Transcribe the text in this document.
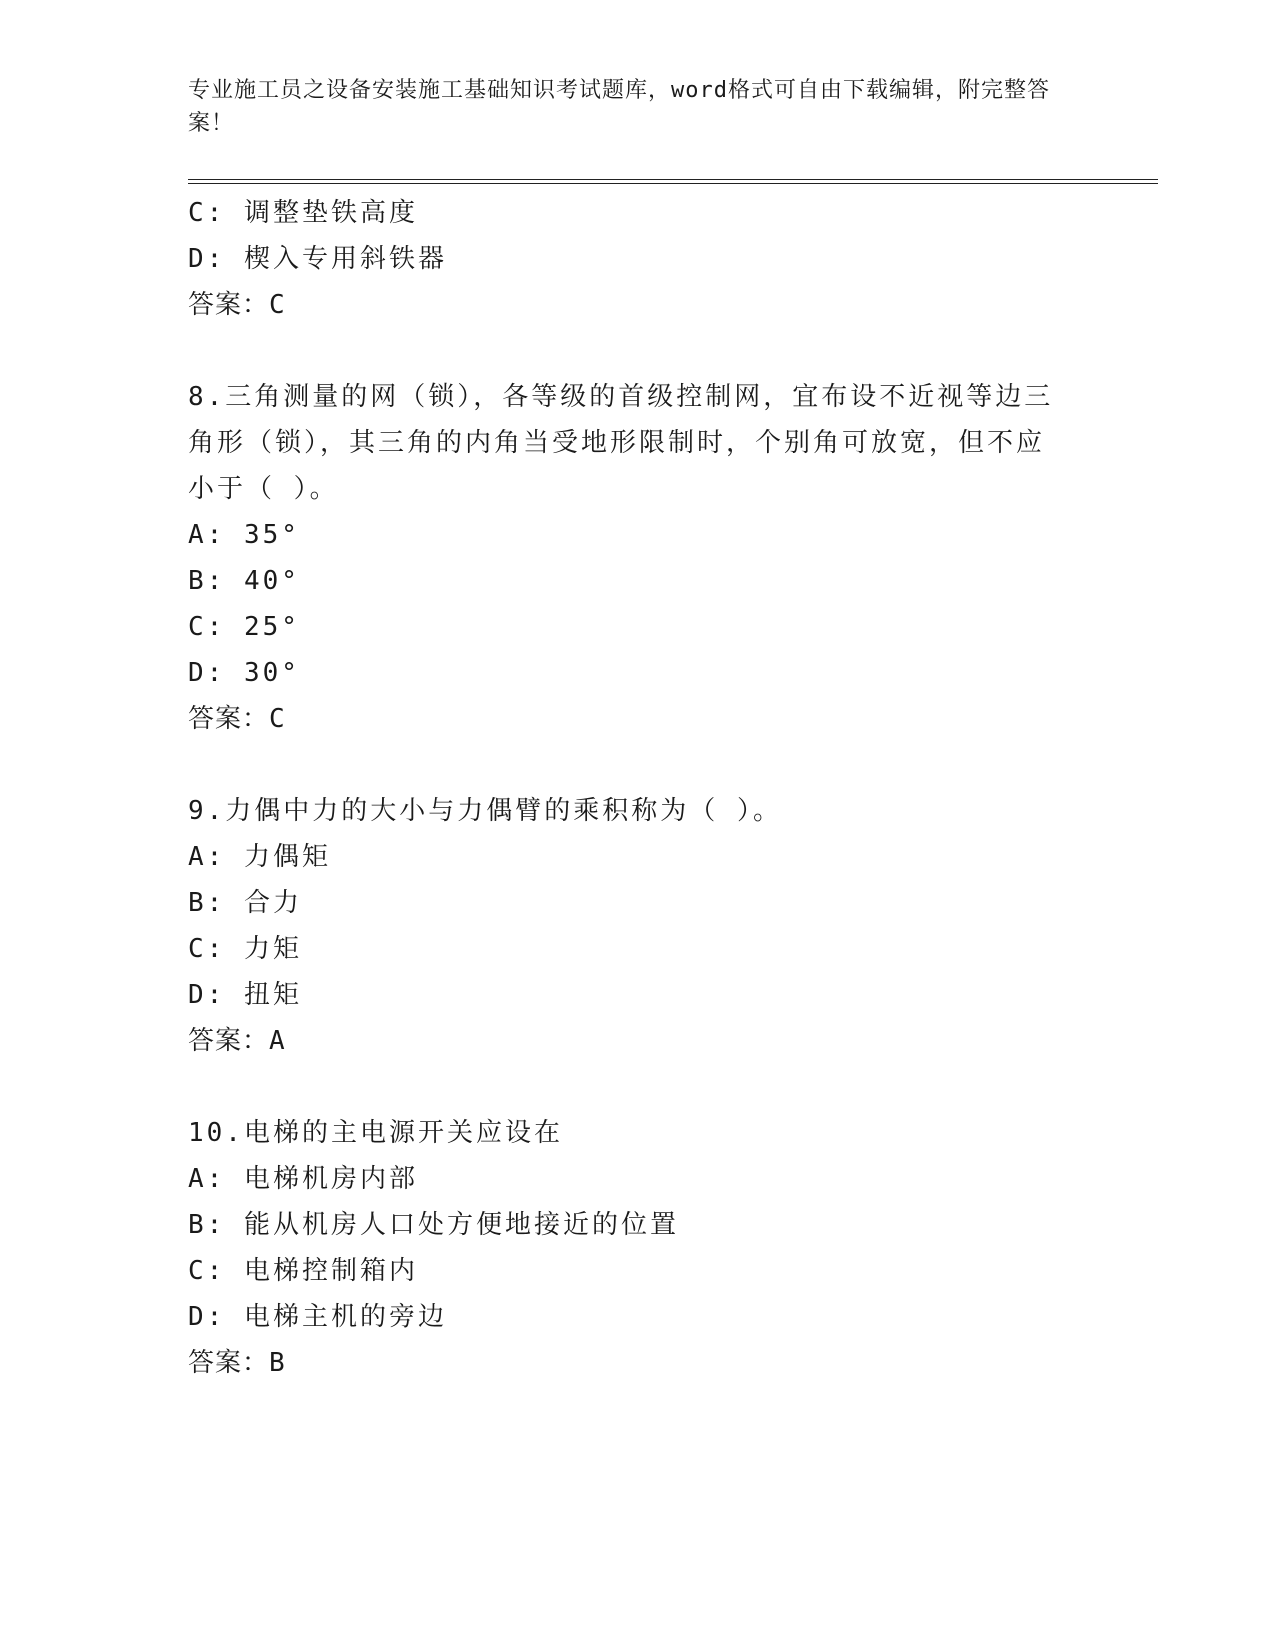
专业施工员之设备安装施工基础知识考试题库，word格式可自由下载编辑，附完整答案！
C: 调整垫铁高度
D: 楔入专用斜铁器
答案：C
8.三角测量的网（锁），各等级的首级控制网，宜布设不近视等边三角形（锁），其三角的内角当受地形限制时，个别角可放宽，但不应小于（ ）。
A: 35°
B: 40°
C: 25°
D: 30°
答案：C
9.力偶中力的大小与力偶臂的乘积称为（ ）。
A: 力偶矩
B: 合力
C: 力矩
D: 扭矩
答案：A
10.电梯的主电源开关应设在
A: 电梯机房内部
B: 能从机房人口处方便地接近的位置
C: 电梯控制箱内
D: 电梯主机的旁边
答案：B
